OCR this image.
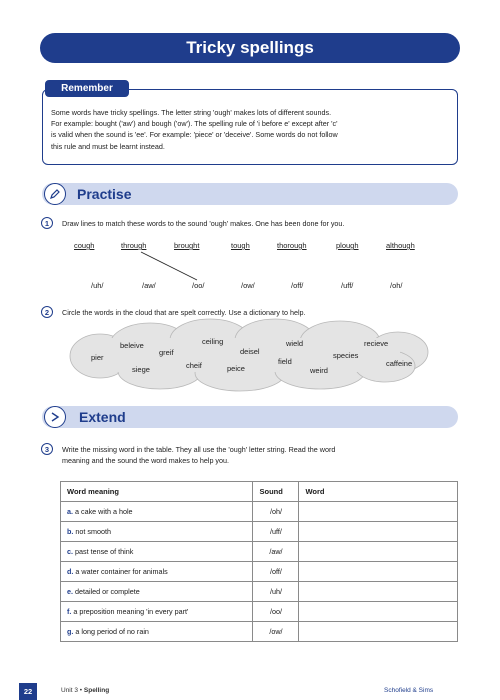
Tricky spellings
Remember
Some words have tricky spellings. The letter string 'ough' makes lots of different sounds.
For example: bought ('aw') and bough ('ow'). The spelling rule of 'i before e' except after 'c'
is valid when the sound is 'ee'. For example: 'piece' or 'deceive'. Some words do not follow
this rule and must be learnt instead.
Practise
1	Draw lines to match these words to the sound 'ough' makes. One has been done for you.
cough	through	brought	tough	thorough	plough	although
/uh/	/aw/	/oo/	/ow/	/off/	/uff/	/oh/
2	Circle the words in the cloud that are spelt correctly. Use a dictionary to help.
beleive	ceiling	wield	recieve
pier
greif	deisel	species
siege	cheif	peice
field
weird
caffeine
Extend
3	Write the missing word in the table. They all use the 'ough' letter string. Read the word
meaning and the sound the word makes to help you.
Word meaning	Sound	Word
a. a cake with a hole	/oh/	
b. not smooth	/uff/	
c. past tense of think	/aw/	
d. a water container for animals	/off/	
e. detailed or complete	/uh/	
f. a preposition meaning 'in every part'	/oo/	
g. a long period of no rain	/ow/	
22	Unit 3 • Spelling	Schofield & Sims
